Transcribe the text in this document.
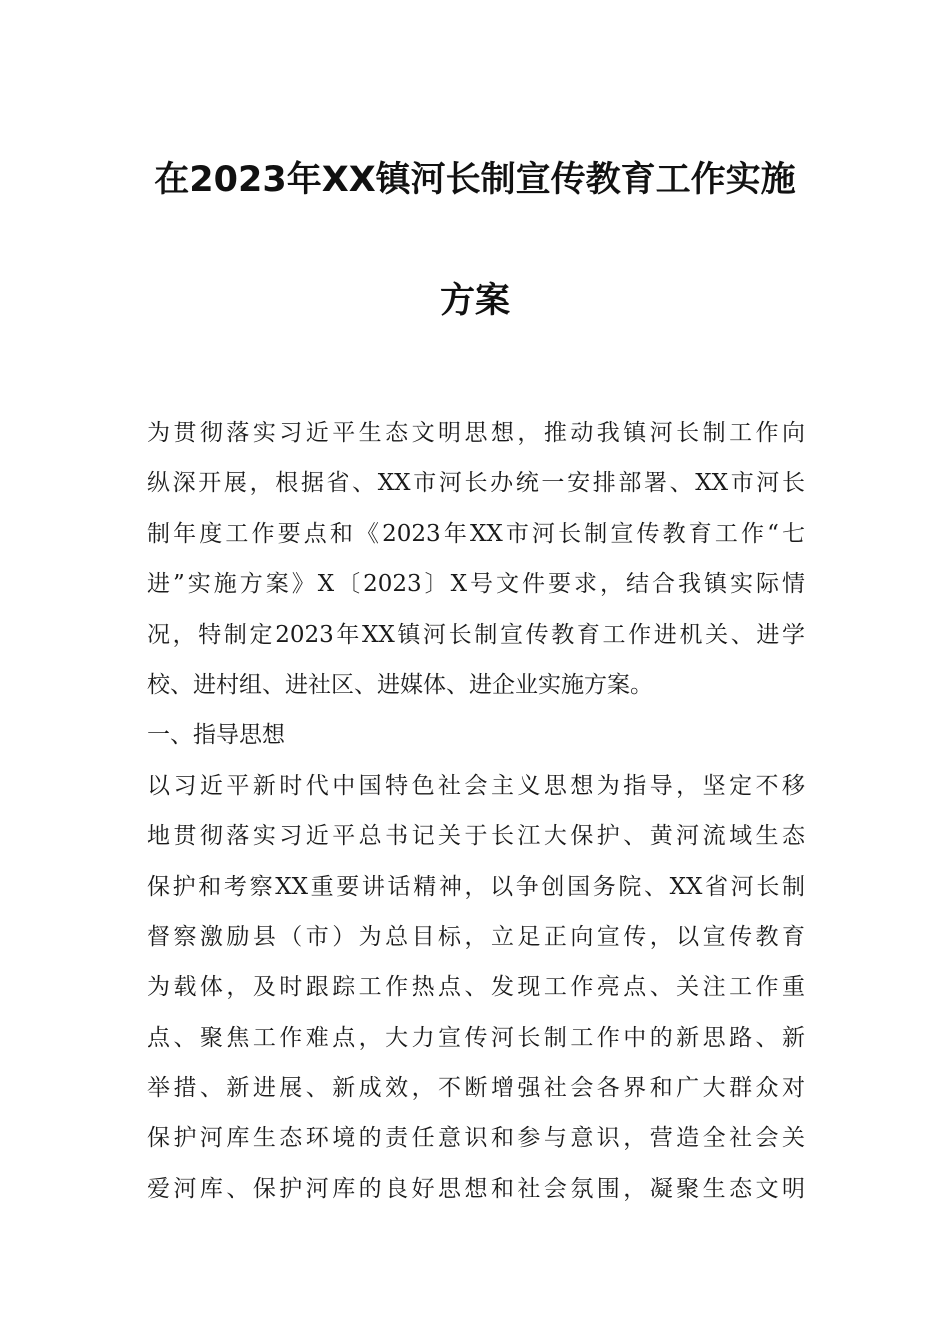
在2023年XX镇河长制宣传教育工作实施
方案
为贯彻落实习近平生态文明思想，推动我镇河长制工作向
纵深开展，根据省、XX市河长办统一安排部署、XX市河长
制年度工作要点和《2023年XX市河长制宣传教育工作“七
进”实施方案》X〔2023〕X号文件要求，结合我镇实际情
况，特制定2023年XX镇河长制宣传教育工作进机关、进学
校、进村组、进社区、进媒体、进企业实施方案。
一、指导思想
以习近平新时代中国特色社会主义思想为指导，坚定不移
地贯彻落实习近平总书记关于长江大保护、黄河流域生态
保护和考察XX重要讲话精神，以争创国务院、XX省河长制
督察激励县（市）为总目标，立足正向宣传，以宣传教育
为载体，及时跟踪工作热点、发现工作亮点、关注工作重
点、聚焦工作难点，大力宣传河长制工作中的新思路、新
举措、新进展、新成效，不断增强社会各界和广大群众对
保护河库生态环境的责任意识和参与意识，营造全社会关
爱河库、保护河库的良好思想和社会氛围，凝聚生态文明
